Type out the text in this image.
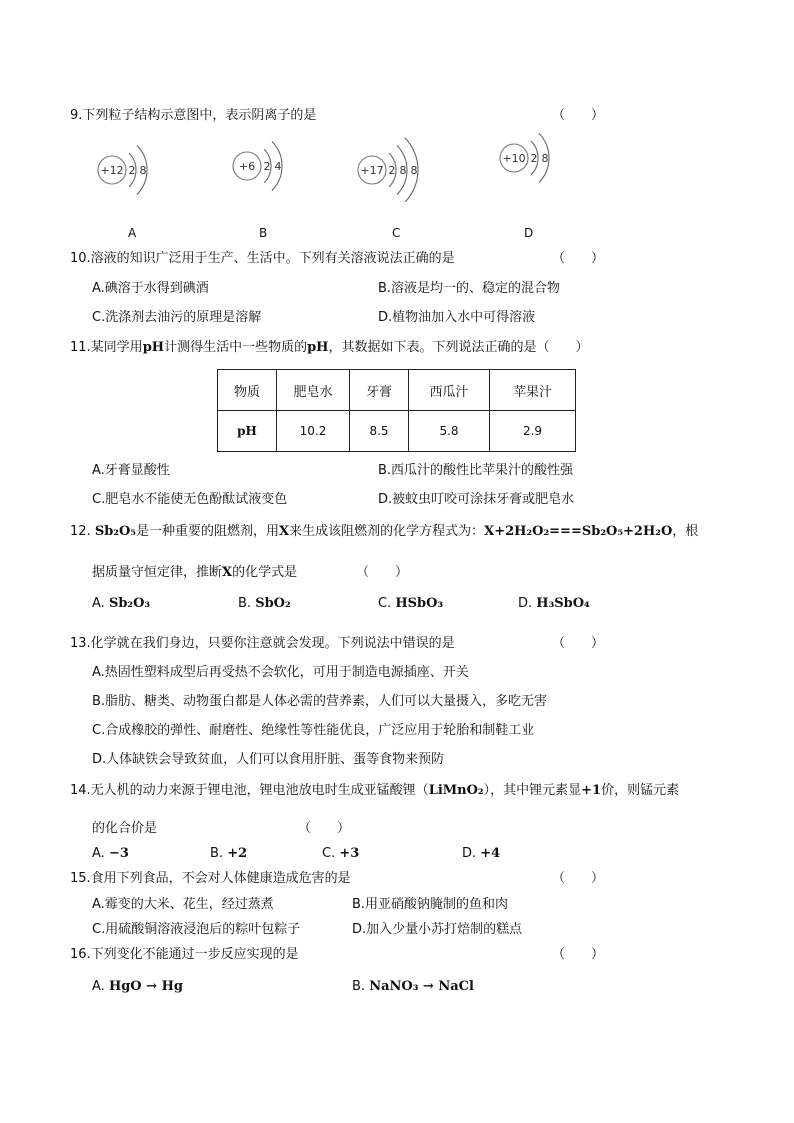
9.下列粒子结构示意图中，表示阴离子的是	（　　）
+12 2 8	+6 2 4	+17 2 8 8
+10 2 8
A	B	C	D
10.溶液的知识广泛用于生产、生活中。下列有关溶液说法正确的是	（　　）
A.碘溶于水得到碘酒	B.溶液是均一的、稳定的混合物
C.洗涤剂去油污的原理是溶解	D.植物油加入水中可得溶液
11.某同学用pH计测得生活中一些物质的pH，其数据如下表。下列说法正确的是（　　）
物质	肥皂水	牙膏	西瓜汁	苹果汁
pH	10.2	8.5	5.8	2.9
A.牙膏显酸性	B.西瓜汁的酸性比苹果汁的酸性强
C.肥皂水不能使无色酚酞试液变色	D.被蚊虫叮咬可涂抹牙膏或肥皂水
12. Sb₂O₅是一种重要的阻燃剂，用X来生成该阻燃剂的化学方程式为：X+2H₂O₂===Sb₂O₅+2H₂O，根
据质量守恒定律，推断X的化学式是	（　　）
A. Sb₂O₃	B. SbO₂	C. HSbO₃	D. H₃SbO₄
13.化学就在我们身边，只要你注意就会发现。下列说法中错误的是	（　　）
A.热固性塑料成型后再受热不会软化，可用于制造电源插座、开关
B.脂肪、糖类、动物蛋白都是人体必需的营养素，人们可以大量摄入，多吃无害
C.合成橡胶的弹性、耐磨性、绝缘性等性能优良，广泛应用于轮胎和制鞋工业
D.人体缺铁会导致贫血，人们可以食用肝脏、蛋等食物来预防
14.无人机的动力来源于锂电池，锂电池放电时生成亚锰酸锂（LiMnO₂），其中锂元素显+1价，则锰元素
的化合价是	（　　）
A. −3	B. +2	C. +3	D. +4
15.食用下列食品，不会对人体健康造成危害的是	（　　）
A.霉变的大米、花生，经过蒸煮	B.用亚硝酸钠腌制的鱼和肉
C.用硫酸铜溶液浸泡后的粽叶包粽子	D.加入少量小苏打焙制的糕点
16.下列变化不能通过一步反应实现的是	（　　）
A. HgO → Hg	B. NaNO₃ → NaCl
